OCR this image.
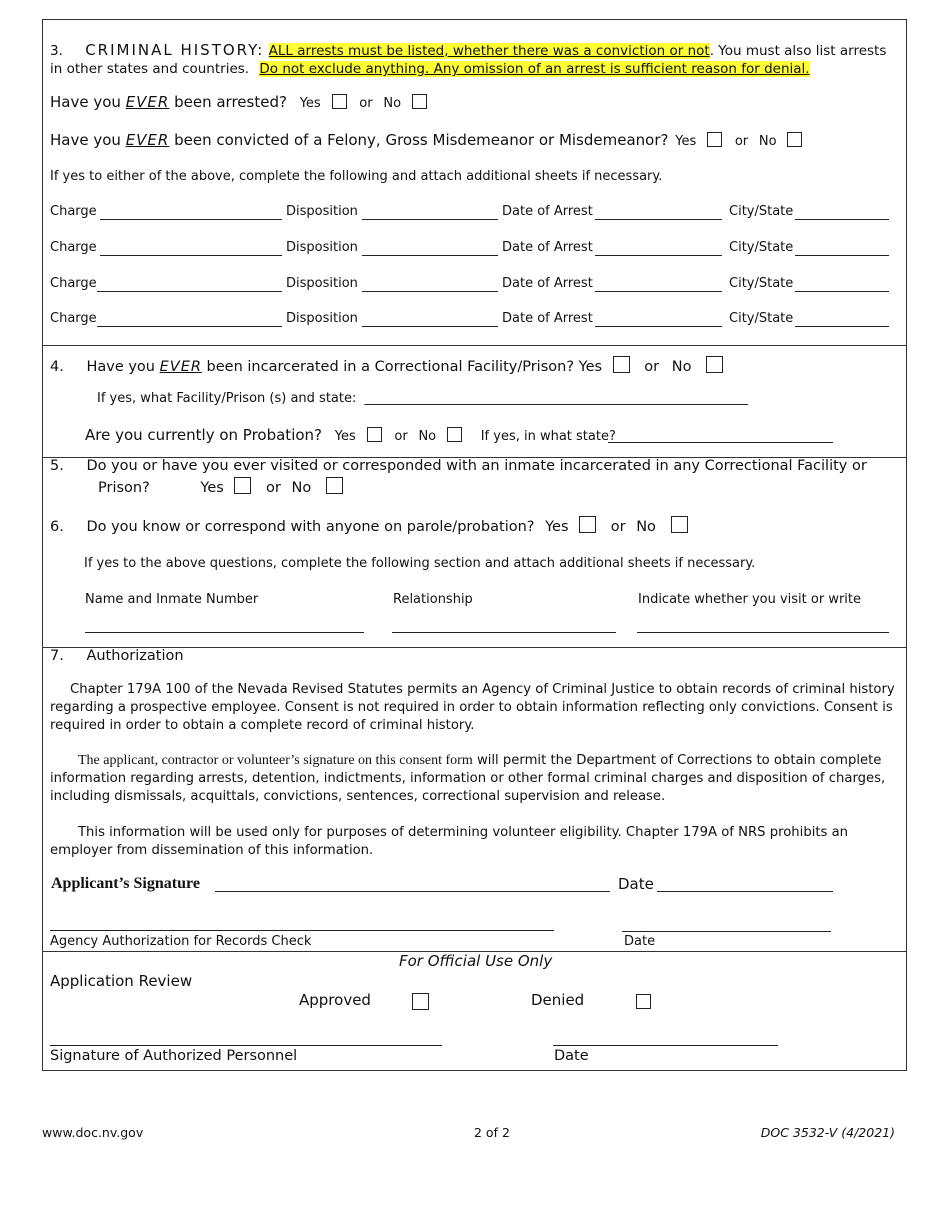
3. CRIMINAL HISTORY: ALL arrests must be listed, whether there was a conviction or not. You must also list arrests
in other states and countries. Do not exclude anything. Any omission of an arrest is sufficient reason for denial.
Have you EVER been arrested? Yes	or No
Have you EVER been convicted of a Felony, Gross Misdemeanor or Misdemeanor? Yes	or No
If yes to either of the above, complete the following and attach additional sheets if necessary.
Charge	Disposition	Date of Arrest	City/State
Charge	Disposition	Date of Arrest	City/State
Charge	Disposition	Date of Arrest	City/State
Charge	Disposition	Date of Arrest	City/State
4. Have you EVER been incarcerated in a Correctional Facility/Prison? Yes	or No
If yes, what Facility/Prison (s) and state: ___________________________________________________________
Are you currently on Probation? Yes	or No	If yes, in what state?
5. Do you or have you ever visited or corresponded with an inmate incarcerated in any Correctional Facility or
Prison?	Yes	or No
6. Do you know or correspond with anyone on parole/probation? Yes	or No
If yes to the above questions, complete the following section and attach additional sheets if necessary.
Name and Inmate Number	Relationship	Indicate whether you visit or write
7. Authorization
Chapter 179A 100 of the Nevada Revised Statutes permits an Agency of Criminal Justice to obtain records of criminal history regarding a prospective employee. Consent is not required in order to obtain information reflecting only convictions. Consent is required in order to obtain a complete record of criminal history.
The applicant, contractor or volunteer’s signature on this consent form will permit the Department of Corrections to obtain complete information regarding arrests, detention, indictments, information or other formal criminal charges and disposition of charges, including dismissals, acquittals, convictions, sentences, correctional supervision and release.
This information will be used only for purposes of determining volunteer eligibility. Chapter 179A of NRS prohibits an employer from dissemination of this information.
Applicant’s Signature	Date
Agency Authorization for Records Check	Date
For Official Use Only
Application Review
Approved	Denied
Signature of Authorized Personnel	Date
www.doc.nv.gov	2 of 2	DOC 3532-V (4/2021)
